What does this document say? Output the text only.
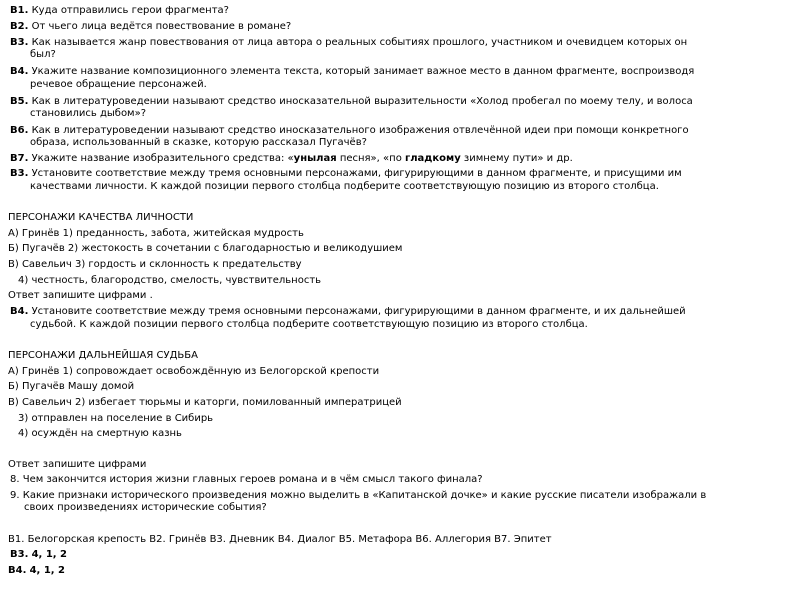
В1. Куда отправились герои фрагмента?
В2. От чьего лица ведётся повествование в романе?
В3. Как называется жанр повествования от лица автора о реальных событиях прошлого, участником и очевидцем которых он
был?
В4. Укажите название композиционного элемента текста, который занимает важное место в данном фрагменте, воспроизводя
речевое обращение персонажей.
В5. Как в литературоведении называют средство иносказательной выразительности «Холод пробегал по моему телу, и волоса
становились дыбом»?
В6. Как в литературоведении называют средство иносказательного изображения отвлечённой идеи при помощи конкретного
образа, использованный в сказке, которую рассказал Пугачёв?
В7. Укажите название изобразительного средства: «унылая песня», «по гладкому зимнему пути» и др.
В3. Установите соответствие между тремя основными персонажами, фигурирующими в данном фрагменте, и присущими им
качествами личности. К каждой позиции первого столбца подберите соответствующую позицию из второго столбца.
ПЕРСОНАЖИ КАЧЕСТВА ЛИЧНОСТИ
А) Гринёв 1) преданность, забота, житейская мудрость
Б) Пугачёв 2) жестокость в сочетании с благодарностью и великодушием
В) Савельич 3) гордость и склонность к предательству
4) честность, благородство, смелость, чувствительность
Ответ запишите цифрами .
В4. Установите соответствие между тремя основными персонажами, фигурирующими в данном фрагменте, и их дальнейшей
судьбой. К каждой позиции первого столбца подберите соответствующую позицию из второго столбца.
ПЕРСОНАЖИ ДАЛЬНЕЙШАЯ СУДЬБА
А) Гринёв 1) сопровождает освобождённую из Белогорской крепости
Б) Пугачёв Машу домой
В) Савельич 2) избегает тюрьмы и каторги, помилованный императрицей
3) отправлен на поселение в Сибирь
4) осуждён на смертную казнь
Ответ запишите цифрами
8. Чем закончится история жизни главных героев романа и в чём смысл такого финала?
9. Какие признаки исторического произведения можно выделить в «Капитанской дочке» и какие русские писатели изображали в
своих произведениях исторические события?
В1. Белогорская крепость В2. Гринёв В3. Дневник В4. Диалог В5. Метафора В6. Аллегория В7. Эпитет
В3. 4, 1, 2
В4. 4, 1, 2
